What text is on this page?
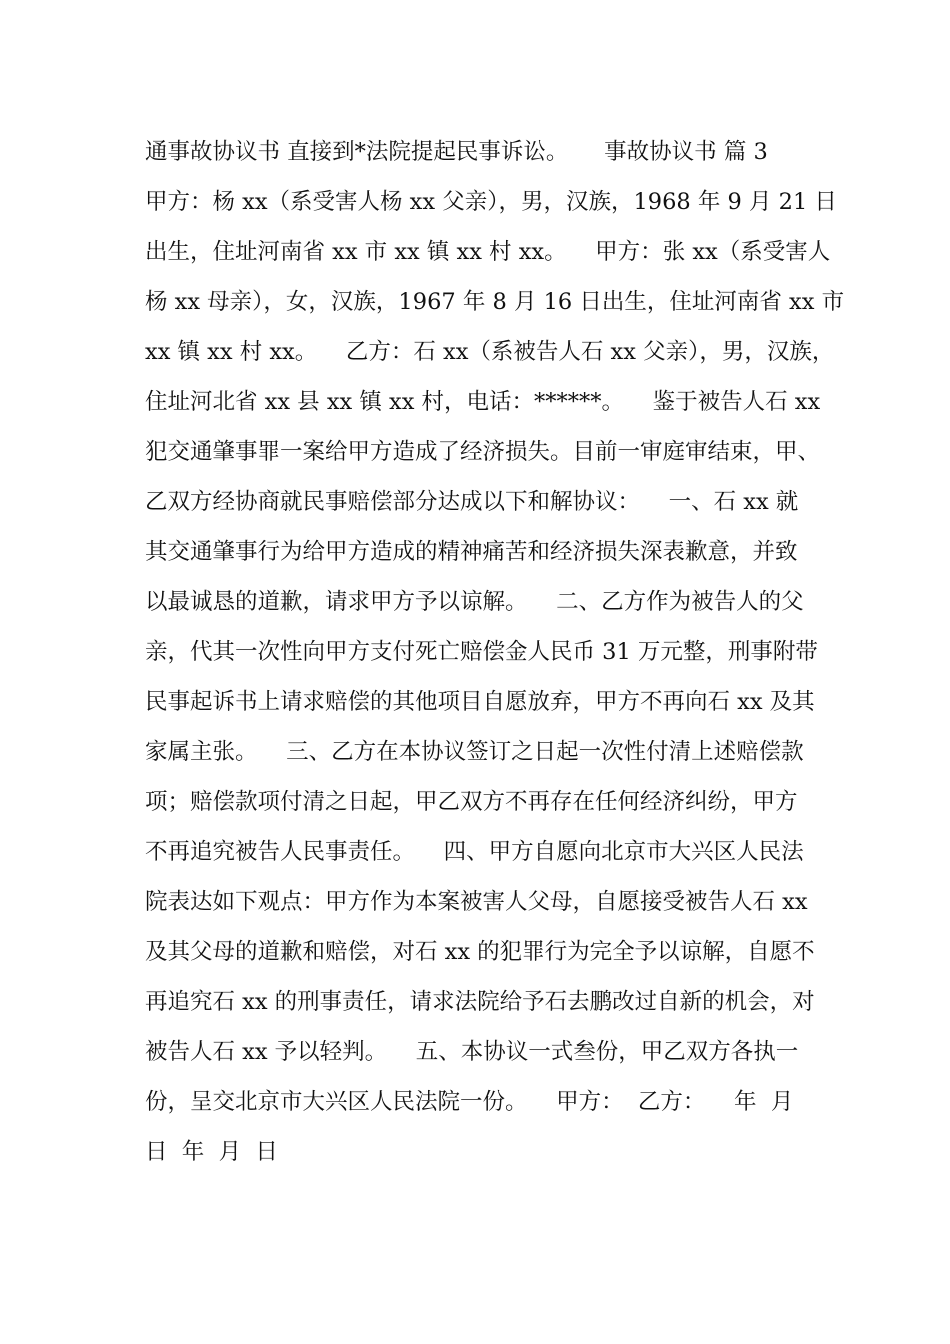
通事故协议书 直接到*法院提起民事诉讼。     事故协议书 篇 3
甲方：杨 xx（系受害人杨 xx 父亲），男，汉族，1968 年 9 月 21 日
出生，住址河南省 xx 市 xx 镇 xx 村 xx。    甲方：张 xx（系受害人
杨 xx 母亲），女，汉族，1967 年 8 月 16 日出生，住址河南省 xx 市
xx 镇 xx 村 xx。    乙方：石 xx（系被告人石 xx 父亲），男，汉族，
住址河北省 xx 县 xx 镇 xx 村，电话：******。    鉴于被告人石 xx
犯交通肇事罪一案给甲方造成了经济损失。目前一审庭审结束，甲、
乙双方经协商就民事赔偿部分达成以下和解协议：    一、石 xx 就
其交通肇事行为给甲方造成的精神痛苦和经济损失深表歉意，并致
以最诚恳的道歉，请求甲方予以谅解。    二、乙方作为被告人的父
亲，代其一次性向甲方支付死亡赔偿金人民币 31 万元整，刑事附带
民事起诉书上请求赔偿的其他项目自愿放弃，甲方不再向石 xx 及其
家属主张。    三、乙方在本协议签订之日起一次性付清上述赔偿款
项；赔偿款项付清之日起，甲乙双方不再存在任何经济纠纷，甲方
不再追究被告人民事责任。    四、甲方自愿向北京市大兴区人民法
院表达如下观点：甲方作为本案被害人父母，自愿接受被告人石 xx
及其父母的道歉和赔偿，对石 xx 的犯罪行为完全予以谅解，自愿不
再追究石 xx 的刑事责任，请求法院给予石去鹏改过自新的机会，对
被告人石 xx 予以轻判。    五、本协议一式叁份，甲乙双方各执一
份，呈交北京市大兴区人民法院一份。    甲方：  乙方：    年  月
日  年  月  日
